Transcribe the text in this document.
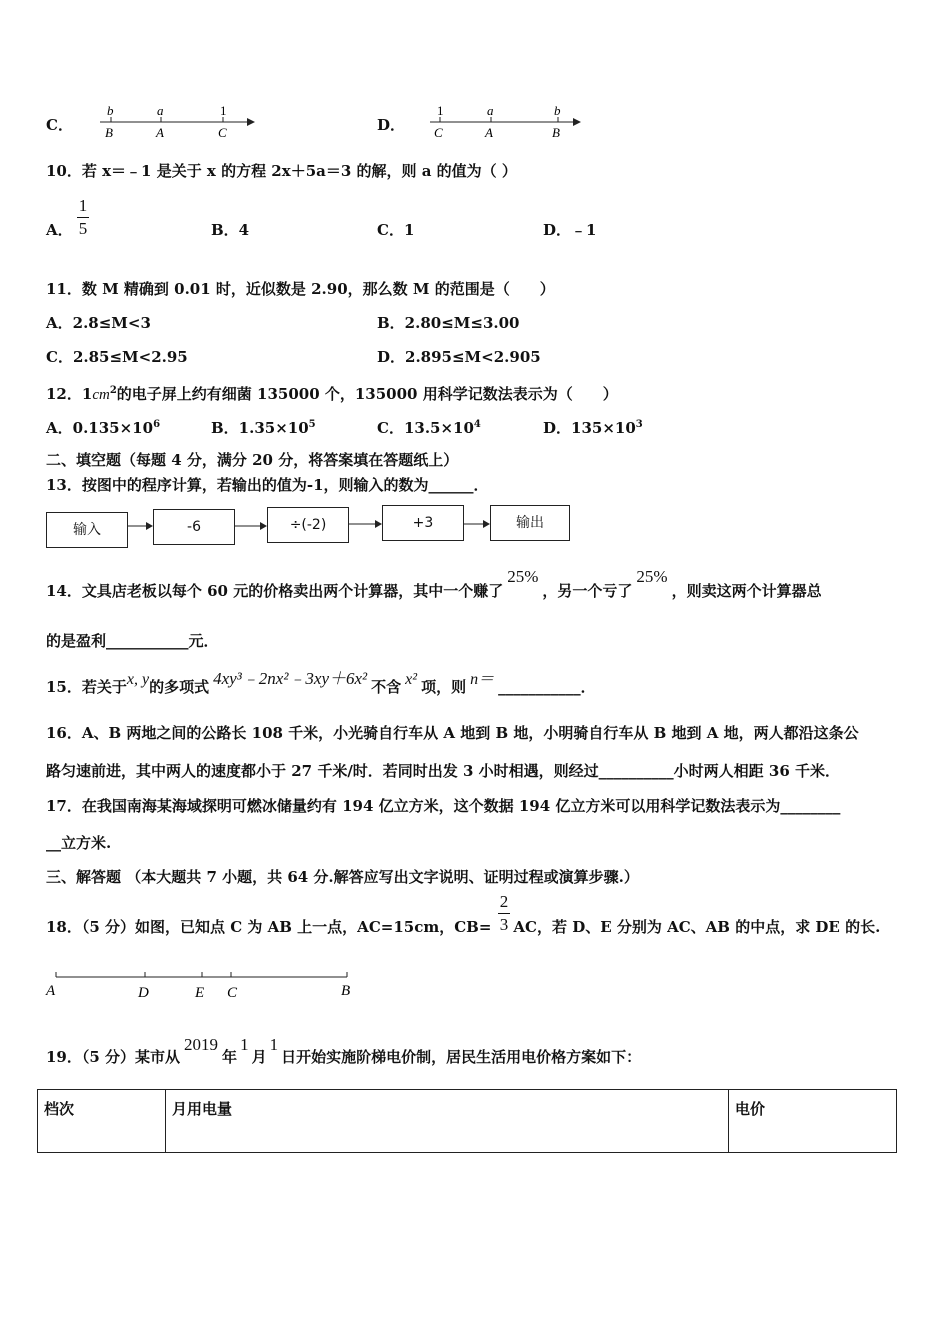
C．
b	a	1
B	A	C	D．
1	a	b
C	A	B
10．若 x＝﹣1 是关于 x 的方程 2x＋5a＝3 的解，则 a 的值为（ ）
A．
1
5	B．4	C．1	D．﹣1
11．数 M 精确到 0.01 时，近似数是 2.90，那么数 M 的范围是（　　）
A．2.8≤M<3	B．2.80≤M≤3.00
C．2.85≤M<2.95	D．2.895≤M<2.905
12．$1cm^2$的电子屏上约有细菌 135000 个，135000 用科学记数法表示为（　　）
A．$0.135\times 10^6$	B．$1.35\times 10^5$	C．$13.5\times 10^4$	D．$135\times 10^3$
二、填空题（每题 4 分，满分 20 分，将答案填在答题纸上）
13．按图中的程序计算，若输出的值为-1，则输入的数为______．
输入	-6	÷(-2)	+3	输出
14．文具店老板以每个 60 元的价格卖出两个计算器，其中一个赚了25%，另一个亏了25%，则卖这两个计算器总
的是盈利___________元．
15．若关于x, y的多项式 4xy³﹣2nx²﹣3xy＋6x² 不含 x² 项，则 n＝ ___________．
16．A、B 两地之间的公路长 108 千米，小光骑自行车从 A 地到 B 地，小明骑自行车从 B 地到 A 地，两人都沿这条公
路匀速前进，其中两人的速度都小于 27 千米/时．若同时出发 3 小时相遇，则经过__________小时两人相距 36 千米．
17．在我国南海某海域探明可燃冰储量约有 194 亿立方米，这个数据 194 亿立方米可以用科学记数法表示为________
__立方米.
三、解答题 （本大题共 7 小题，共 64 分.解答应写出文字说明、证明过程或演算步骤.）
18．（5 分）如图，已知点 C 为 AB 上一点，AC=15cm，CB= AC，若 D、E 分别为 AC、AB 的中点，求 DE 的长.
2
3
A	D	E C	B
19．（5 分）某市从2019年1月1日开始实施阶梯电价制，居民生活用电价格方案如下：
档次	月用电量	电价
